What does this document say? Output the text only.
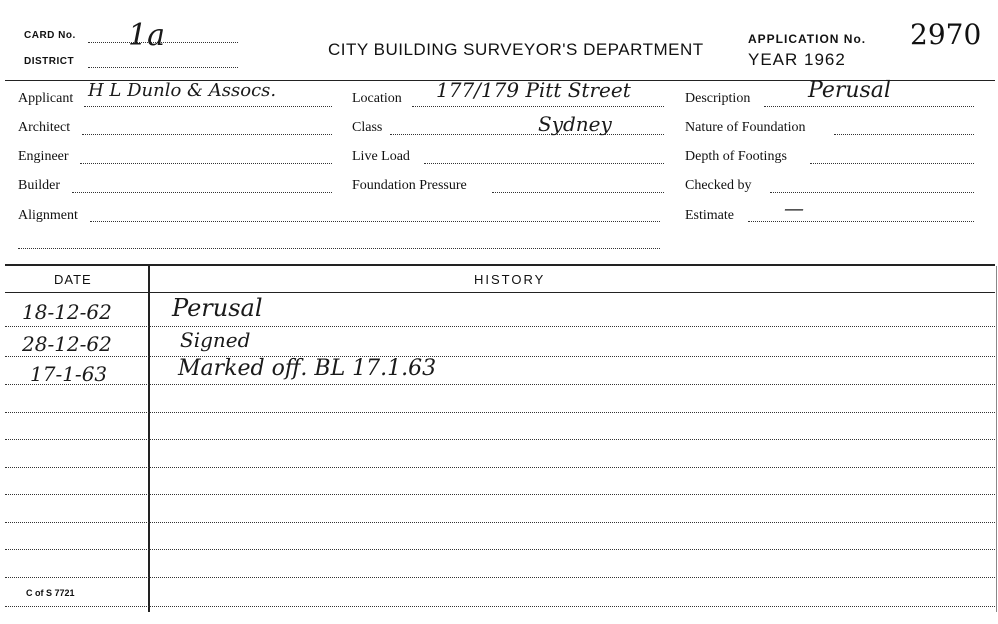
CARD No. 1a
DISTRICT
CITY BUILDING SURVEYOR'S DEPARTMENT
APPLICATION No. 2970
YEAR 1962
Applicant H L Dunlo & Assocs.
Architect
Engineer
Builder
Alignment
Location 177/179 Pitt Street
Class	Sydney
Live Load
Foundation Pressure
Description	Perusal
Nature of Foundation
Depth of Footings
Checked by
Estimate	—
DATE	HISTORY
18-12-62	Perusal
28-12-62	Signed
17-1-63	Marked off. BL 17.1.63
C of S 7721
